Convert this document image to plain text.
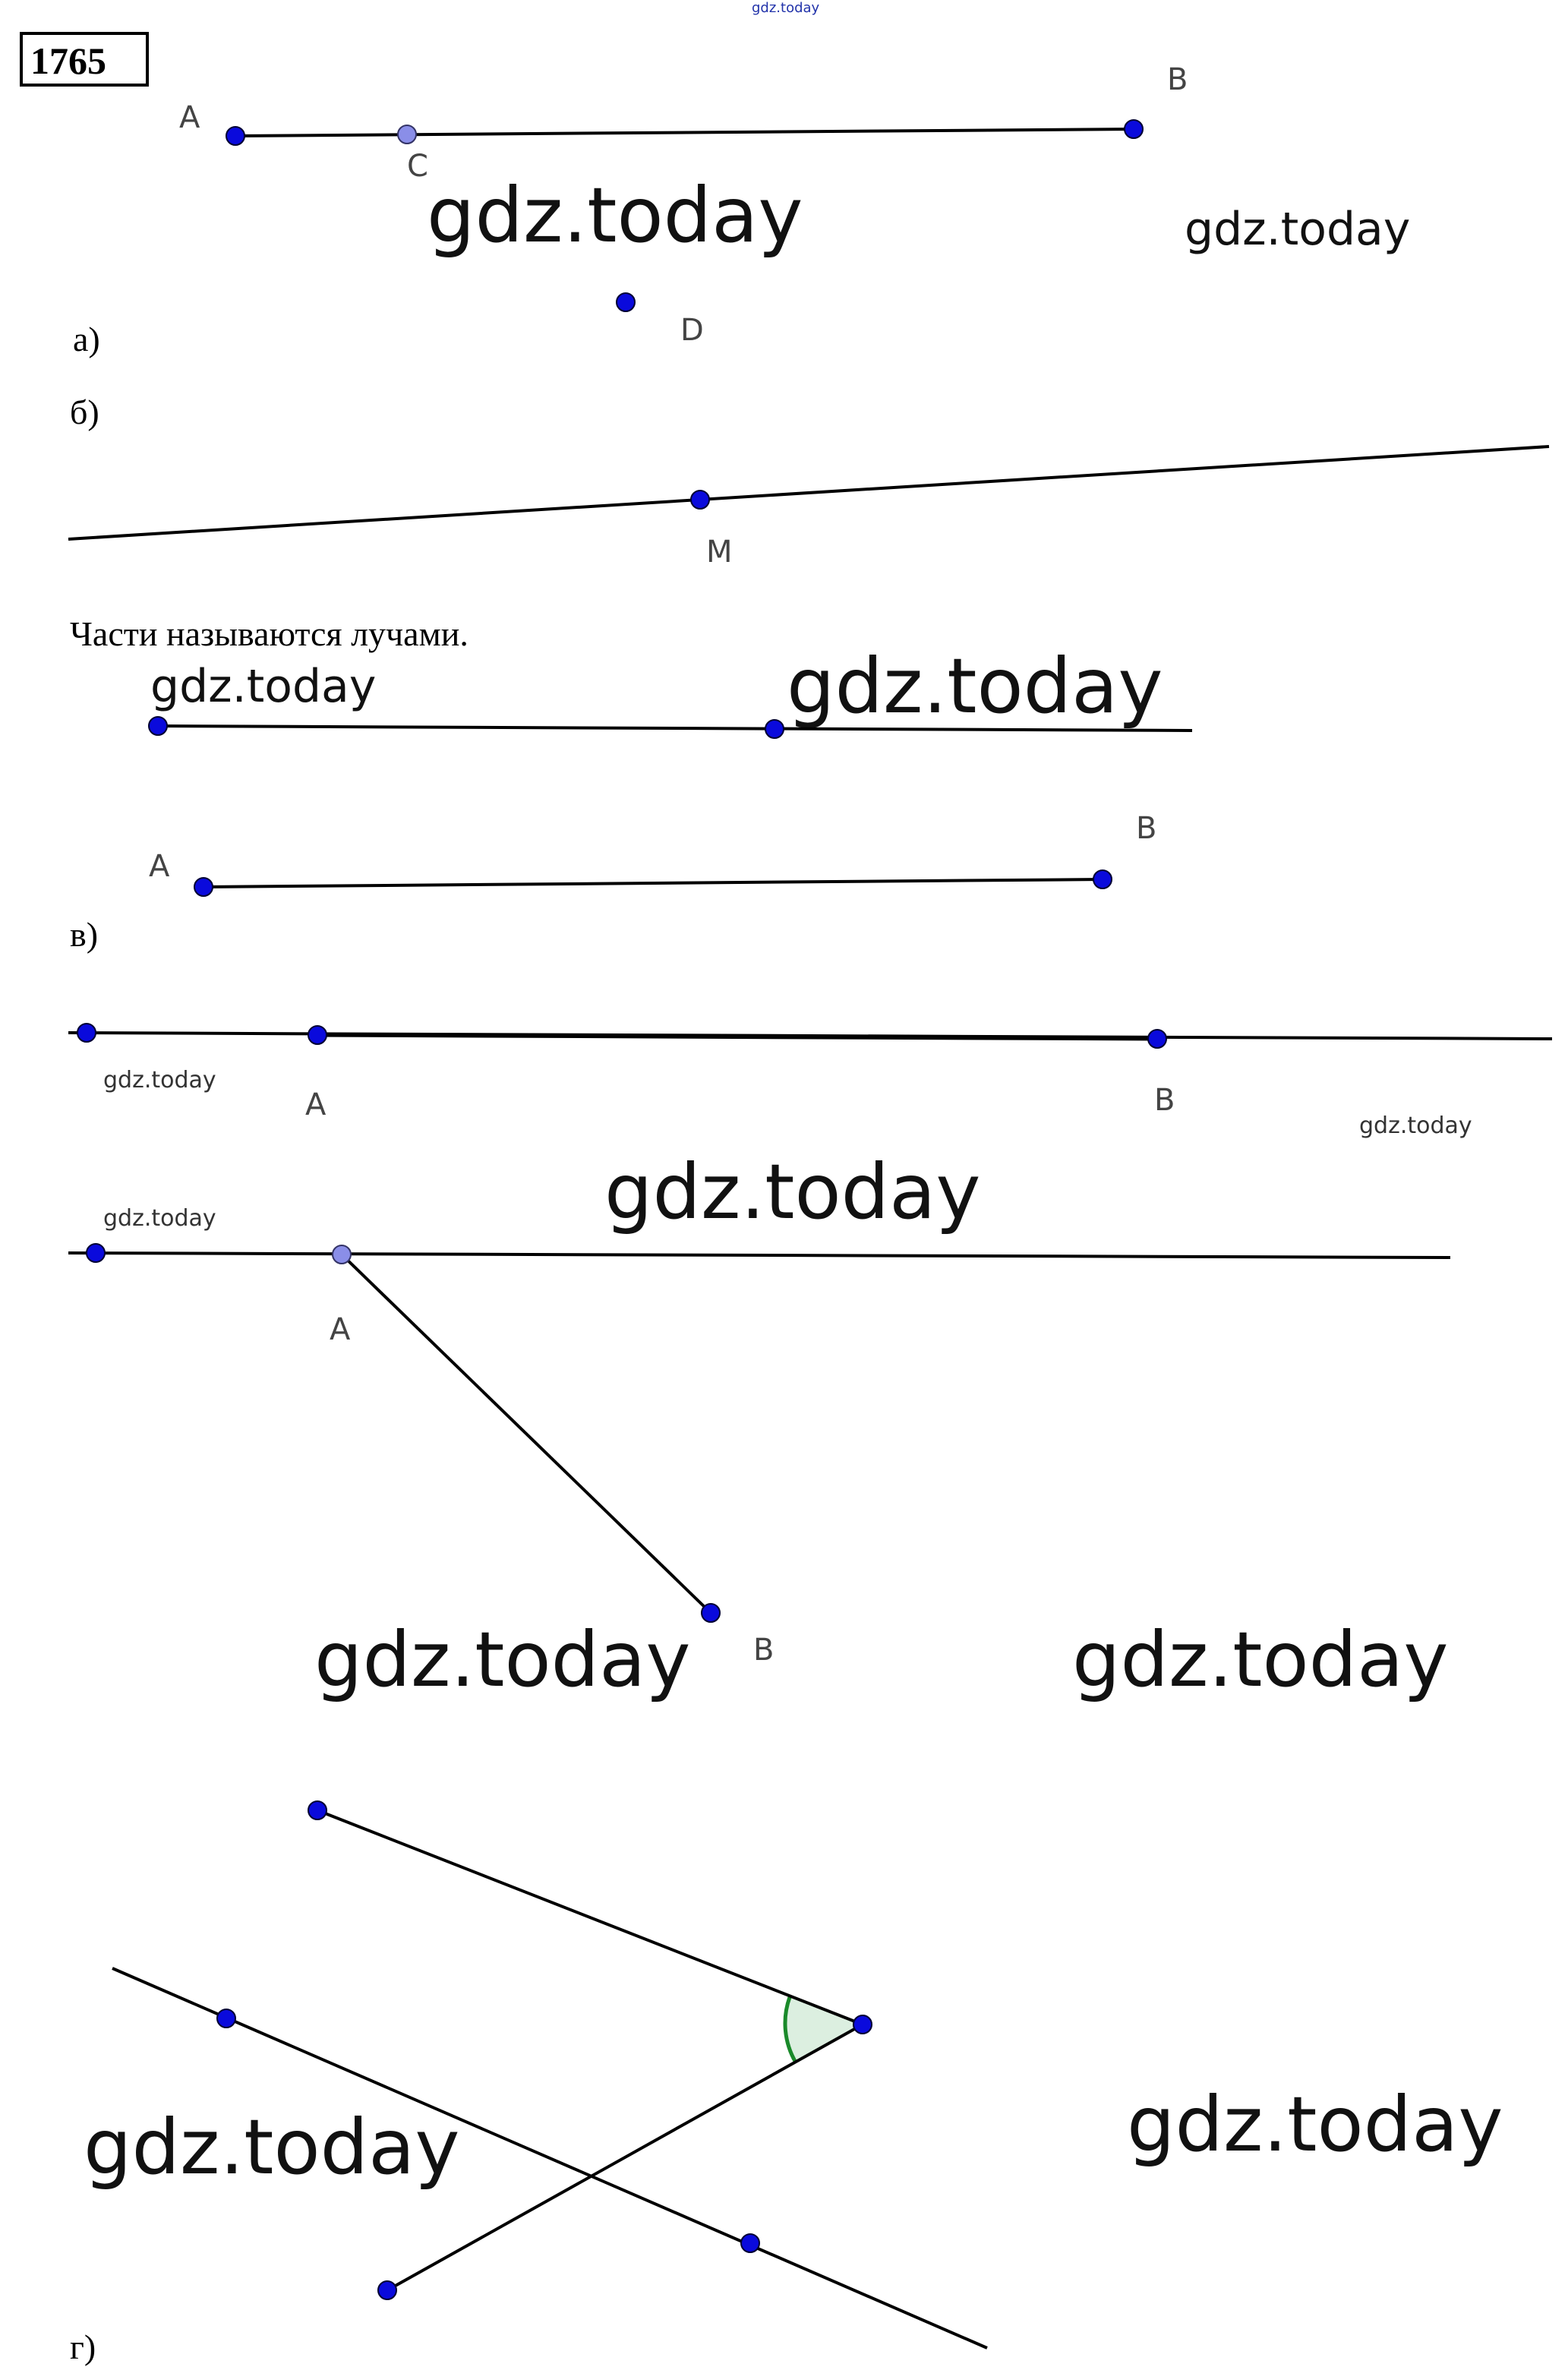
gdz.today
1765
A
B
C
D
gdz.today	gdz.today
а)
б)
M
Части называются лучами.
gdz.today	gdz.today
A
B
в)
A	B
gdz.today
gdz.today
gdz.today
gdz.today
A
B
gdz.today	gdz.today
gdz.today	gdz.today
г)
